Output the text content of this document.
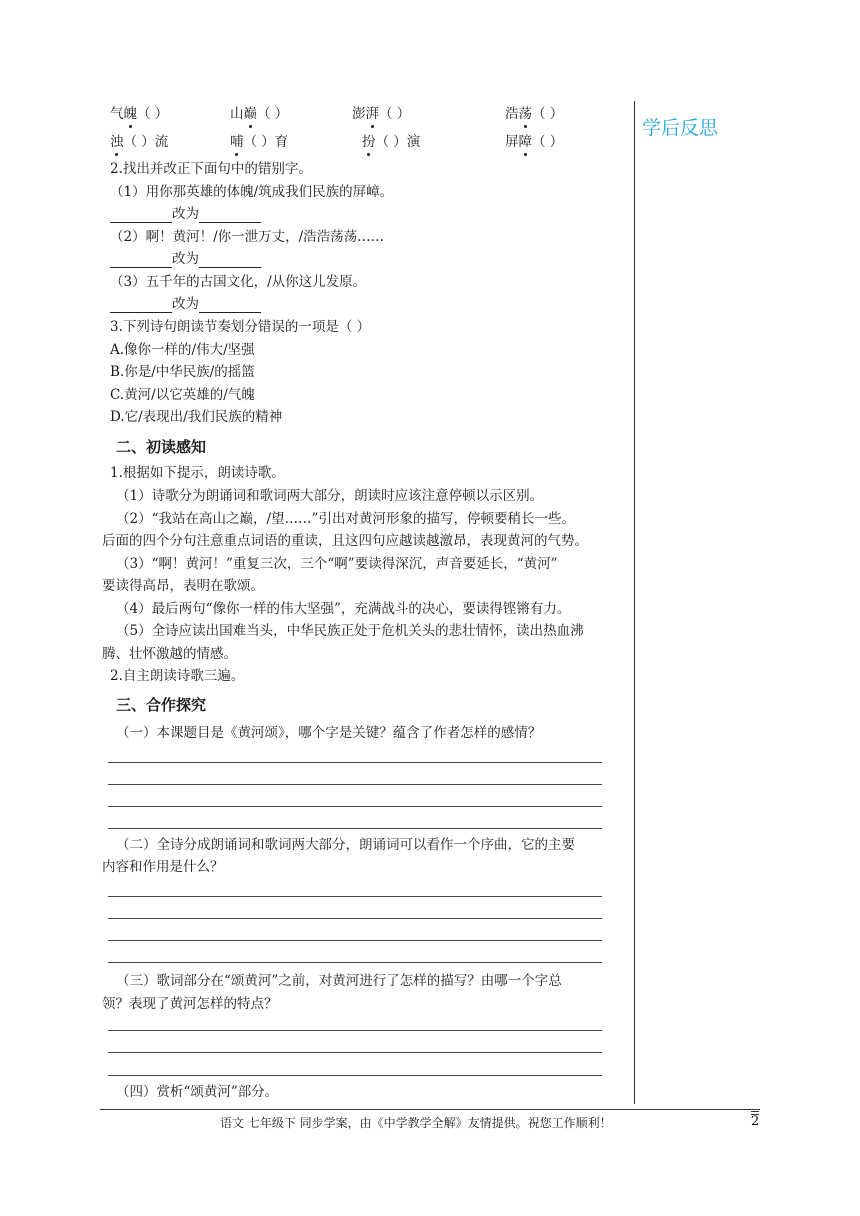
学后反思
气魄（ ）	山巅（ ）	澎湃（ ）	浩荡（ ）
浊（ ）流	哺（ ）育	扮（ ）演	屏障（ ）
2.找出并改正下面句中的错别字。
（1）用你那英雄的体魄/筑成我们民族的屏嶂。
改为
（2）啊！黄河！/你一泄万丈，/浩浩荡荡……
改为
（3）五千年的古国文化，/从你这儿发原。
改为
3.下列诗句朗读节奏划分错误的一项是（ ）
A.像你一样的/伟大/坚强
B.你是/中华民族/的摇篮
C.黄河/以它英雄的/气魄
D.它/表现出/我们民族的精神
二、初读感知
1.根据如下提示，朗读诗歌。
（1）诗歌分为朗诵词和歌词两大部分，朗读时应该注意停顿以示区别。
（2）“我站在高山之巅，/望……”引出对黄河形象的描写，停顿要稍长一些。
后面的四个分句注意重点词语的重读，且这四句应越读越激昂，表现黄河的气势。
（3）“啊！黄河！”重复三次，三个“啊”要读得深沉，声音要延长，“黄河”
要读得高昂，表明在歌颂。
（4）最后两句“像你一样的伟大坚强”，充满战斗的决心，要读得铿锵有力。
（5）全诗应读出国难当头，中华民族正处于危机关头的悲壮情怀，读出热血沸
腾、壮怀激越的情感。
2.自主朗读诗歌三遍。
三、合作探究
（一）本课题目是《黄河颂》，哪个字是关键？蕴含了作者怎样的感情？
（二）全诗分成朗诵词和歌词两大部分，朗诵词可以看作一个序曲，它的主要
内容和作用是什么？
（三）歌词部分在“颂黄河”之前，对黄河进行了怎样的描写？由哪一个字总
领？表现了黄河怎样的特点？
（四）赏析“颂黄河”部分。
语文 七年级下 同步学案，由《中学教学全解》友情提供。祝您工作顺利！	2
